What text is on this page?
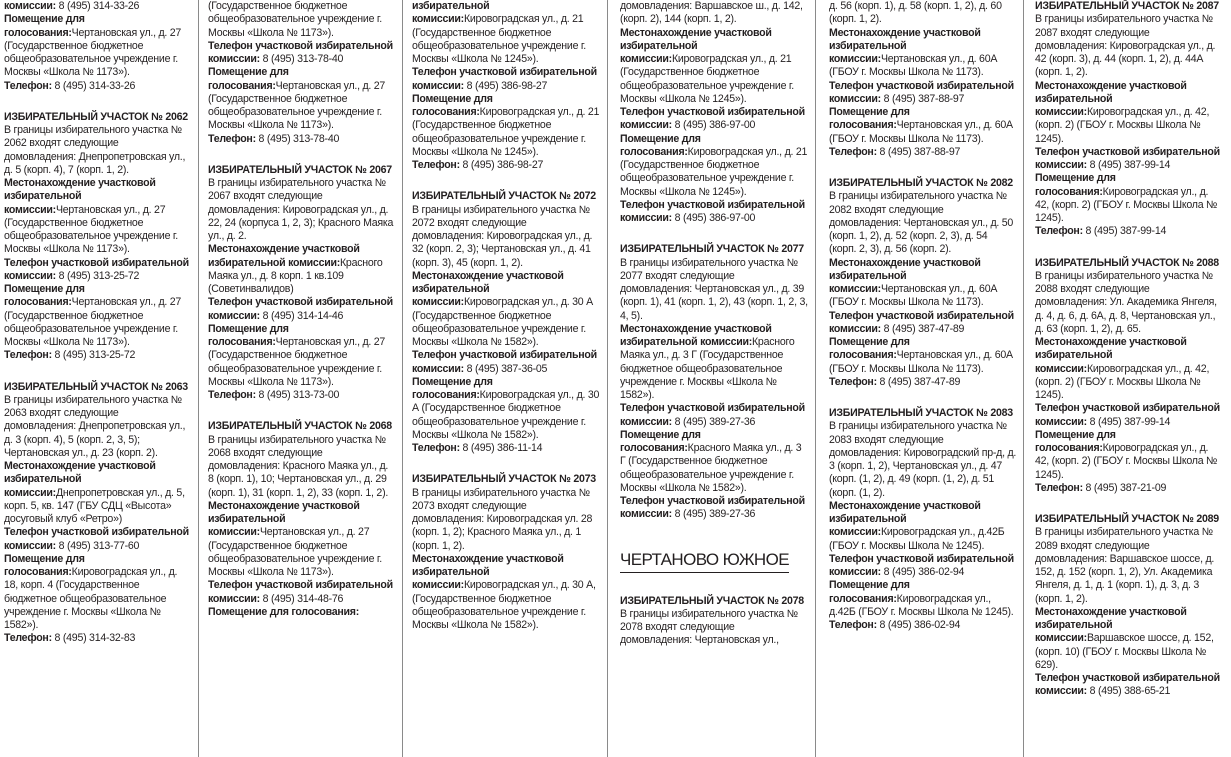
комиссии: 8 (495) 314-33-26

Помещение для голосования:Чертановская ул., д. 27 (Государственное бюджетное общеобразовательное учреждение г. Москвы «Школа № 1173»).

Телефон: 8 (495) 314-33-26

ИЗБИРАТЕЛЬНЫЙ УЧАСТОК № 2062

В границы избирательного участка № 2062 входят следующие домовладения: Днепропетровская ул., д. 5 (корп. 4), 7 (корп. 1, 2).

Местонахождение участковой избирательной комиссии:Чертановская ул., д. 27 (Государственное бюджетное общеобразовательное учреждение г. Москвы «Школа № 1173»).

Телефон участковой избирательной комиссии: 8 (495) 313-25-72

Помещение для голосования:Чертановская ул., д. 27 (Государственное бюджетное общеобразовательное учреждение г. Москвы «Школа № 1173»).

Телефон: 8 (495) 313-25-72

ИЗБИРАТЕЛЬНЫЙ УЧАСТОК № 2063

В границы избирательного участка № 2063 входят следующие домовладения: Днепропетровская ул., д. 3 (корп. 4), 5 (корп. 2, 3, 5); Чертановская ул., д. 23 (корп. 2).

Местонахождение участковой избирательной комиссии:Днепропетровская ул., д. 5, корп. 5, кв. 147 (ГБУ СДЦ «Высота» досуговый клуб «Ретро»)

Телефон участковой избирательной комиссии: 8 (495) 313-77-60

Помещение для голосования:Кировоградская ул., д. 18, корп. 4 (Государственное бюджетное общеобразовательное учреждение г. Москвы «Школа № 1582»).

Телефон: 8 (495) 314-32-83

(Государственное бюджетное общеобразовательное учреждение г. Москвы «Школа № 1173»).

Телефон участковой избирательной комиссии: 8 (495) 313-78-40

Помещение для голосования:Чертановская ул., д. 27 (Государственное бюджетное общеобразовательное учреждение г. Москвы «Школа № 1173»).

Телефон: 8 (495) 313-78-40

ИЗБИРАТЕЛЬНЫЙ УЧАСТОК № 2067

В границы избирательного участка № 2067 входят следующие домовладения: Кировоградская ул., д. 22, 24 (корпуса 1, 2, 3); Красного Маяка ул., д. 2.

Местонахождение участковой избирательной комиссии:Красного Маяка ул., д. 8 корп. 1 кв.109 (Советинвалидов)

Телефон участковой избирательной комиссии: 8 (495) 314-14-46

Помещение для голосования:Чертановская ул., д. 27 (Государственное бюджетное общеобразовательное учреждение г. Москвы «Школа № 1173»).

Телефон: 8 (495) 313-73-00

ИЗБИРАТЕЛЬНЫЙ УЧАСТОК № 2068

В границы избирательного участка № 2068 входят следующие домовладения: Красного Маяка ул., д. 8 (корп. 1), 10; Чертановская ул., д. 29 (корп. 1), 31 (корп. 1, 2), 33 (корп. 1, 2).

Местонахождение участковой избирательной комиссии:Чертановская ул., д. 27 (Государственное бюджетное общеобразовательное учреждение г. Москвы «Школа № 1173»).

Телефон участковой избирательной комиссии: 8 (495) 314-48-76

Помещение для голосования:

избирательной комиссии:Кировоградская ул., д. 21 (Государственное бюджетное общеобразовательное учреждение г. Москвы «Школа № 1245»).

Телефон участковой избирательной комиссии: 8 (495) 386-98-27

Помещение для голосования:Кировоградская ул., д. 21 (Государственное бюджетное общеобразовательное учреждение г. Москвы «Школа № 1245»).

Телефон: 8 (495) 386-98-27

ИЗБИРАТЕЛЬНЫЙ УЧАСТОК № 2072

В границы избирательного участка № 2072 входят следующие домовладения: Кировоградская ул., д. 32 (корп. 2, 3); Чертановская ул., д. 41 (корп. 3), 45 (корп. 1, 2).

Местонахождение участковой избирательной комиссии:Кировоградская ул., д. 30 А (Государственное бюджетное общеобразовательное учреждение г. Москвы «Школа № 1582»).

Телефон участковой избирательной комиссии: 8 (495) 387-36-05

Помещение для голосования:Кировоградская ул., д. 30 А (Государственное бюджетное общеобразовательное учреждение г. Москвы «Школа № 1582»).

Телефон: 8 (495) 386-11-14

ИЗБИРАТЕЛЬНЫЙ УЧАСТОК № 2073

В границы избирательного участка № 2073 входят следующие домовладения: Кировоградская ул. 28 (корп. 1, 2); Красного Маяка ул., д. 1 (корп. 1, 2).

Местонахождение участковой избирательной комиссии:Кировоградская ул., д. 30 А, (Государственное бюджетное общеобразовательное учреждение г. Москвы «Школа № 1582»).

домовладения: Варшавское ш., д. 142, (корп. 2), 144 (корп. 1, 2).

Местонахождение участковой избирательной комиссии:Кировоградская ул., д. 21 (Государственное бюджетное общеобразовательное учреждение г. Москвы «Школа № 1245»).

Телефон участковой избирательной комиссии: 8 (495) 386-97-00

Помещение для голосования:Кировоградская ул., д. 21 (Государственное бюджетное общеобразовательное учреждение г. Москвы «Школа № 1245»).

Телефон участковой избирательной комиссии: 8 (495) 386-97-00

ИЗБИРАТЕЛЬНЫЙ УЧАСТОК № 2077

В границы избирательного участка № 2077 входят следующие домовладения: Чертановская ул., д. 39 (корп. 1), 41 (корп. 1, 2), 43 (корп. 1, 2, 3, 4, 5).

Местонахождение участковой избирательной комиссии:Красного Маяка ул., д. 3 Г (Государственное бюджетное общеобразовательное учреждение г. Москвы «Школа № 1582»).

Телефон участковой избирательной комиссии: 8 (495) 389-27-36

Помещение для голосования:Красного Маяка ул., д. 3 Г (Государственное бюджетное общеобразовательное учреждение г. Москвы «Школа № 1582»).

Телефон участковой избирательной комиссии: 8 (495) 389-27-36

ЧЕРТАНОВО ЮЖНОЕ
ИЗБИРАТЕЛЬНЫЙ УЧАСТОК № 2078

В границы избирательного участка № 2078 входят следующие домовладения: Чертановская ул.,

д. 56 (корп. 1), д. 58 (корп. 1, 2), д. 60 (корп. 1, 2).

Местонахождение участковой избирательной комиссии:Чертановская ул., д. 60А (ГБОУ г. Москвы Школа № 1173).

Телефон участковой избирательной комиссии: 8 (495) 387-88-97

Помещение для голосования:Чертановская ул., д. 60А (ГБОУ г. Москвы Школа № 1173).

Телефон: 8 (495) 387-88-97

ИЗБИРАТЕЛЬНЫЙ УЧАСТОК № 2082

В границы избирательного участка № 2082 входят следующие домовладения: Чертановская ул., д. 50 (корп. 1, 2), д. 52 (корп. 2, 3), д. 54 (корп. 2, 3), д. 56 (корп. 2).

Местонахождение участковой избирательной комиссии:Чертановская ул., д. 60А (ГБОУ г. Москвы Школа № 1173).

Телефон участковой избирательной комиссии: 8 (495) 387-47-89

Помещение для голосования:Чертановская ул., д. 60А (ГБОУ г. Москвы Школа № 1173).

Телефон: 8 (495) 387-47-89

ИЗБИРАТЕЛЬНЫЙ УЧАСТОК № 2083

В границы избирательного участка № 2083 входят следующие домовладения: Кировоградский пр-д, д. 3 (корп. 1, 2), Чертановская ул., д. 47 (корп. (1, 2), д. 49 (корп. (1, 2), д. 51 (корп. (1, 2).

Местонахождение участковой избирательной комиссии:Кировоградская ул., д.42Б (ГБОУ г. Москвы Школа № 1245).

Телефон участковой избирательной комиссии: 8 (495) 386-02-94

Помещение для голосования:Кировоградская ул., д.42Б (ГБОУ г. Москвы Школа № 1245).

Телефон: 8 (495) 386-02-94

ИЗБИРАТЕЛЬНЫЙ УЧАСТОК № 2087

В границы избирательного участка № 2087 входят следующие домовладения: Кировоградская ул., д. 42 (корп. 3), д. 44 (корп. 1, 2), д. 44А (корп. 1, 2).

Местонахождение участковой избирательной комиссии:Кировоградская ул., д. 42, (корп. 2) (ГБОУ г. Москвы Школа № 1245).

Телефон участковой избирательной комиссии: 8 (495) 387-99-14

Помещение для голосования:Кировоградская ул., д. 42, (корп. 2) (ГБОУ г. Москвы Школа № 1245).

Телефон: 8 (495) 387-99-14

ИЗБИРАТЕЛЬНЫЙ УЧАСТОК № 2088

В границы избирательного участка № 2088 входят следующие домовладения: Ул. Академика Янгеля, д. 4, д. 6, д. 6А, д. 8, Чертановская ул., д. 63 (корп. 1, 2), д. 65.

Местонахождение участковой избирательной комиссии:Кировоградская ул., д. 42, (корп. 2) (ГБОУ г. Москвы Школа № 1245).

Телефон участковой избирательной комиссии: 8 (495) 387-99-14

Помещение для голосования:Кировоградская ул., д. 42, (корп. 2) (ГБОУ г. Москвы Школа № 1245).

Телефон: 8 (495) 387-21-09

ИЗБИРАТЕЛЬНЫЙ УЧАСТОК № 2089

В границы избирательного участка № 2089 входят следующие домовладения: Варшавское шоссе, д. 152, д. 152 (корп. 1, 2), Ул. Академика Янгеля, д. 1, д. 1 (корп. 1), д. 3, д. 3 (корп. 1, 2).

Местонахождение участковой избирательной комиссии:Варшавское шоссе, д. 152, (корп. 10) (ГБОУ г. Москвы Школа № 629).

Телефон участковой избирательной комиссии: 8 (495) 388-65-21
